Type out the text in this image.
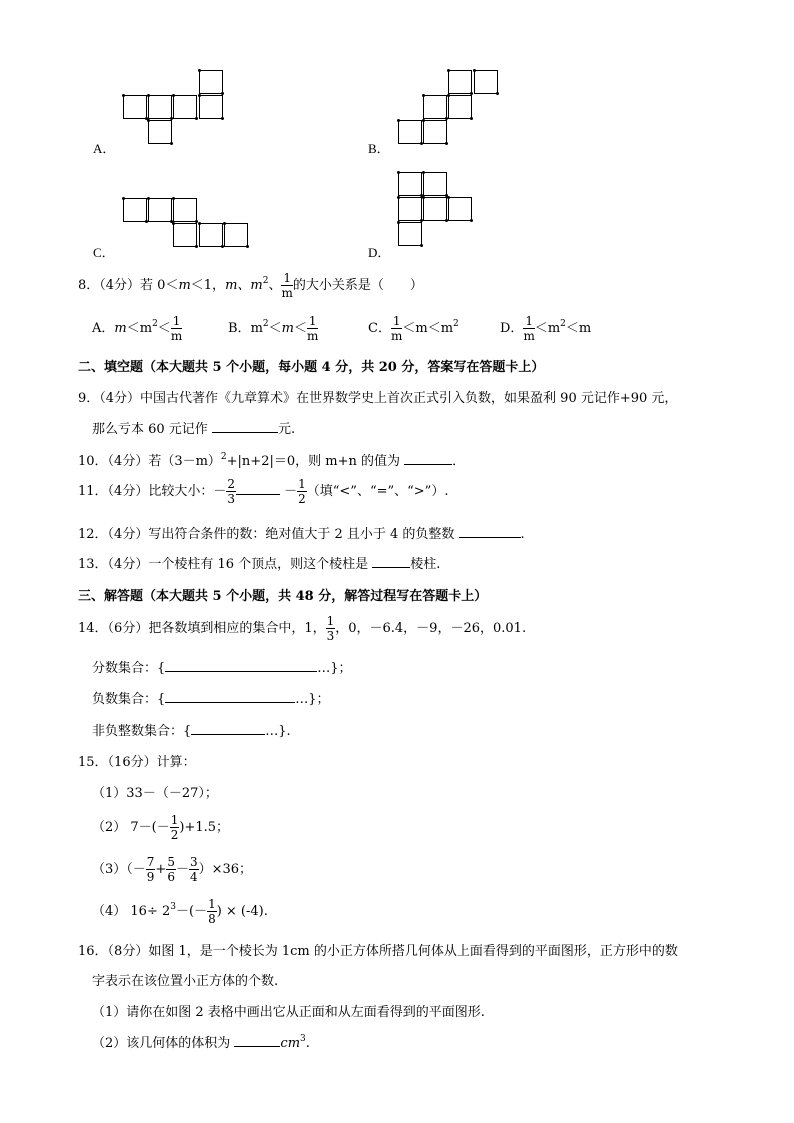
A．	B．
C．	D．
8．（4分）若 0＜m＜1，m、$m^2$、 $\frac{1}{m}$ 的大小关系是（　　）
A．$m<m^2< \frac{1}{m}$	B．$m^2<m< \frac{1}{m}$	C． $\frac{1}{m} <m<m^2$	D． $\frac{1}{m} <m^2<m$
二、填空题（本大题共 5 个小题，每小题 4 分，共 20 分，答案写在答题卡上）
9．（4分）中国古代著作《九章算术》在世界数学史上首次正式引入负数，如果盈利 90 元记作+90 元，
那么亏本 60 元记作	元.
10．（4分）若$(3-m)^2+|n+2|=0$，则 m+n 的值为	．
11．（4分）比较大小：－ $\frac{2}{3}$	－ $\frac{1}{2}$ （填“<”、“=”、“>”）.
12．（4分）写出符合条件的数：绝对值大于 2 且小于 4 的负整数	.
13．（4分）一个棱柱有 16 个顶点，则这个棱柱是	棱柱.
三、解答题（本大题共 5 个小题，共 48 分，解答过程写在答题卡上）
14．（6分）把各数填到相应的集合中，1， $\frac{1}{3}$ ，0，－6.4，－9，－26，0.01.
分数集合：{	…}；
负数集合：{	…}；
非负整数集合：{	…}.
15．（16分）计算：
（1）33－（－27）；
（2） $7-(- \frac{1}{2} )+1.5$；
$(3)(- \frac{7}{9} + \frac{5}{6} - \frac{3}{4} )\times 36$；
（4） $16\div 2^3-(- \frac{1}{8}$ ) × (-4).
16．（8分）如图 1，是一个棱长为 1cm 的小正方体所搭几何体从上面看得到的平面图形，正方形中的数
字表示在该位置小正方体的个数.
（1）请你在如图 2 表格中画出它从正面和从左面看得到的平面图形.
（2）该几何体的体积为	$cm^3$.
